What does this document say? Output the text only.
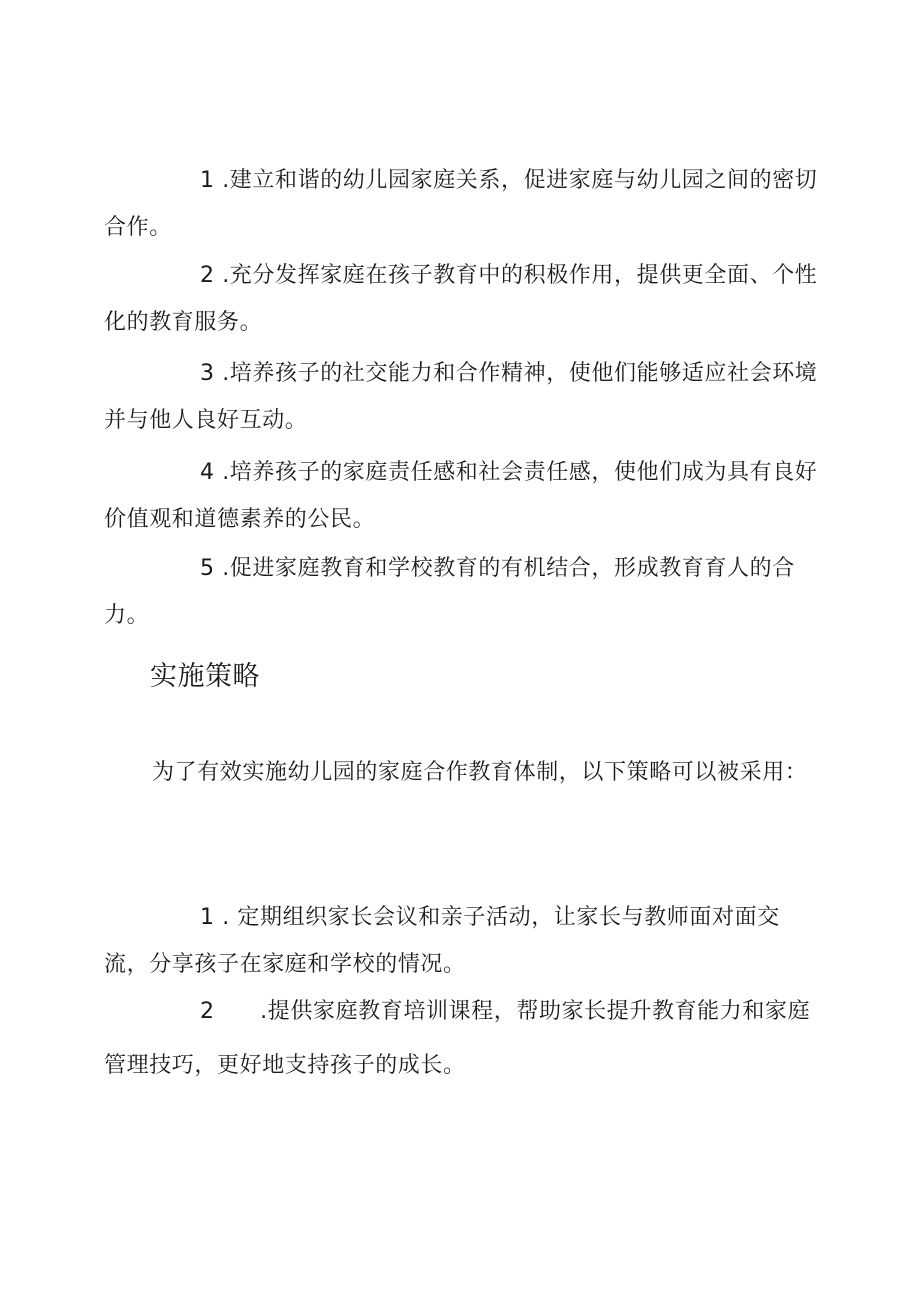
1 .建立和谐的幼儿园家庭关系，促进家庭与幼儿园之间的密切合作。

2 .充分发挥家庭在孩子教育中的积极作用，提供更全面、个性化的教育服务。

3 .培养孩子的社交能力和合作精神，使他们能够适应社会环境并与他人良好互动。

4 .培养孩子的家庭责任感和社会责任感，使他们成为具有良好价值观和道德素养的公民。

5 .促进家庭教育和学校教育的有机结合，形成教育育人的合力。

实施策略

为了有效实施幼儿园的家庭合作教育体制，以下策略可以被采用：

1 . 定期组织家长会议和亲子活动，让家长与教师面对面交流，分享孩子在家庭和学校的情况。

2 .提供家庭教育培训课程，帮助家长提升教育能力和家庭管理技巧，更好地支持孩子的成长。
